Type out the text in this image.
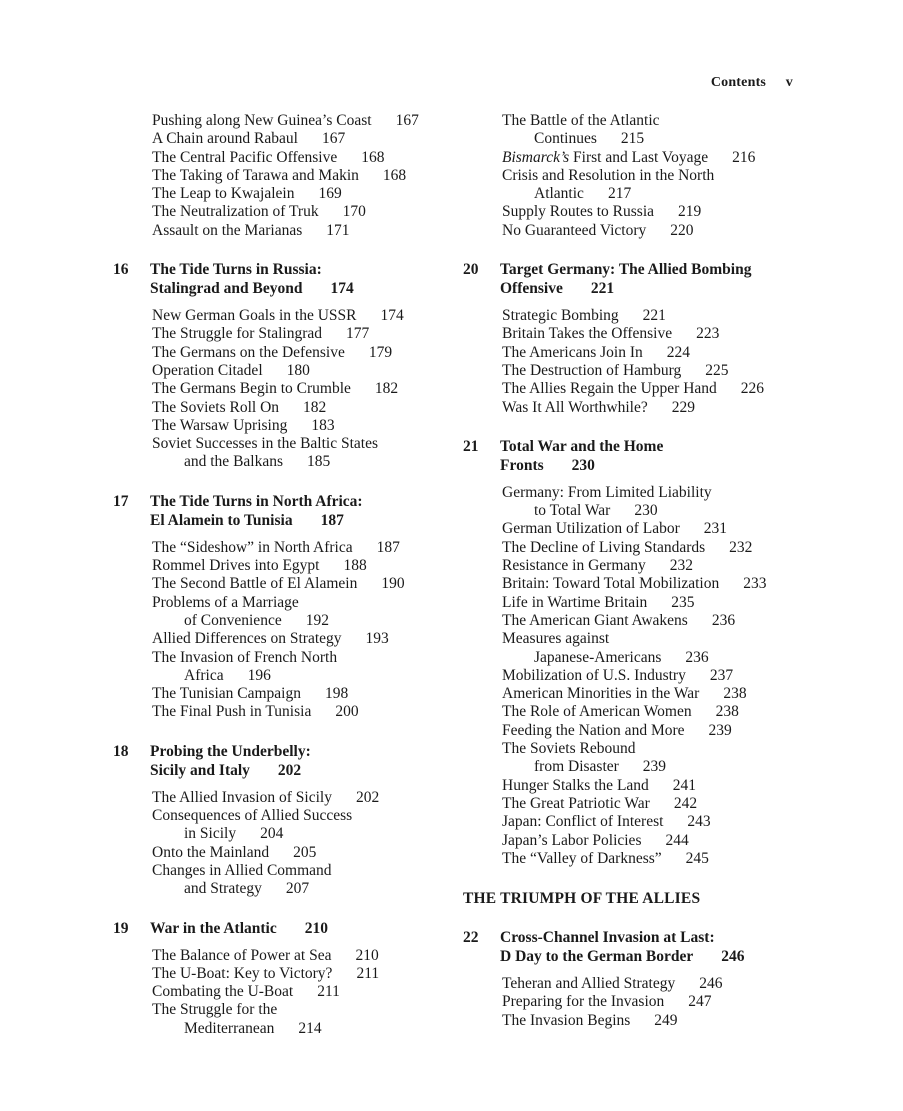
Contents v
Pushing along New Guinea’s Coast 167
A Chain around Rabaul 167
The Central Pacific Offensive 168
The Taking of Tarawa and Makin 168
The Leap to Kwajalein 169
The Neutralization of Truk 170
Assault on the Marianas 171
16	The Tide Turns in Russia:
Stalingrad and Beyond 174
New German Goals in the USSR 174
The Struggle for Stalingrad 177
The Germans on the Defensive 179
Operation Citadel 180
The Germans Begin to Crumble 182
The Soviets Roll On 182
The Warsaw Uprising 183
Soviet Successes in the Baltic States
and the Balkans 185
17	The Tide Turns in North Africa:
El Alamein to Tunisia 187
The “Sideshow” in North Africa 187
Rommel Drives into Egypt 188
The Second Battle of El Alamein 190
Problems of a Marriage
of Convenience 192
Allied Differences on Strategy 193
The Invasion of French North
Africa 196
The Tunisian Campaign 198
The Final Push in Tunisia 200
18	Probing the Underbelly:
Sicily and Italy 202
The Allied Invasion of Sicily 202
Consequences of Allied Success
in Sicily 204
Onto the Mainland 205
Changes in Allied Command
and Strategy 207
19	War in the Atlantic 210
The Balance of Power at Sea 210
The U-Boat: Key to Victory? 211
Combating the U-Boat 211
The Struggle for the
Mediterranean 214
The Battle of the Atlantic
Continues 215
Bismarck’s First and Last Voyage 216
Crisis and Resolution in the North
Atlantic 217
Supply Routes to Russia 219
No Guaranteed Victory 220
20	Target Germany: The Allied Bombing
Offensive 221
Strategic Bombing 221
Britain Takes the Offensive 223
The Americans Join In 224
The Destruction of Hamburg 225
The Allies Regain the Upper Hand 226
Was It All Worthwhile? 229
21	Total War and the Home
Fronts 230
Germany: From Limited Liability
to Total War 230
German Utilization of Labor 231
The Decline of Living Standards 232
Resistance in Germany 232
Britain: Toward Total Mobilization 233
Life in Wartime Britain 235
The American Giant Awakens 236
Measures against
Japanese-Americans 236
Mobilization of U.S. Industry 237
American Minorities in the War 238
The Role of American Women 238
Feeding the Nation and More 239
The Soviets Rebound
from Disaster 239
Hunger Stalks the Land 241
The Great Patriotic War 242
Japan: Conflict of Interest 243
Japan’s Labor Policies 244
The “Valley of Darkness” 245
THE TRIUMPH OF THE ALLIES
22	Cross-Channel Invasion at Last:
D Day to the German Border 246
Teheran and Allied Strategy 246
Preparing for the Invasion 247
The Invasion Begins 249
